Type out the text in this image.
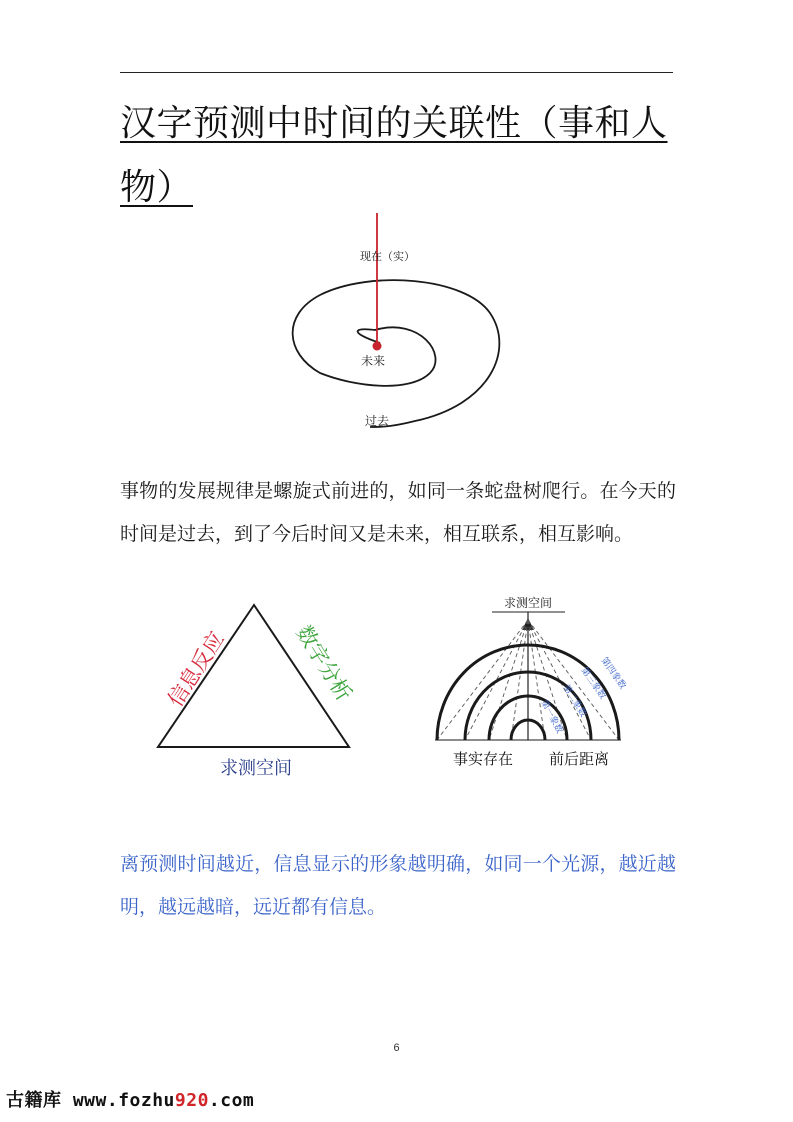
汉字预测中时间的关联性（事和人物）
现在（实）
未来
过去

事物的发展规律是螺旋式前进的，如同一条蛇盘树爬行。在今天的时间是过去，到了今后时间又是未来，相互联系，相互影响。

信息反应	数字分析
求测空间
求测空间
第一象数
第二象数
第三象数
第四象数
事实存在 前后距离

离预测时间越近，信息显示的形象越明确，如同一个光源，越近越明，越远越暗，远近都有信息。

6
古籍库 www.fozhu920.com
